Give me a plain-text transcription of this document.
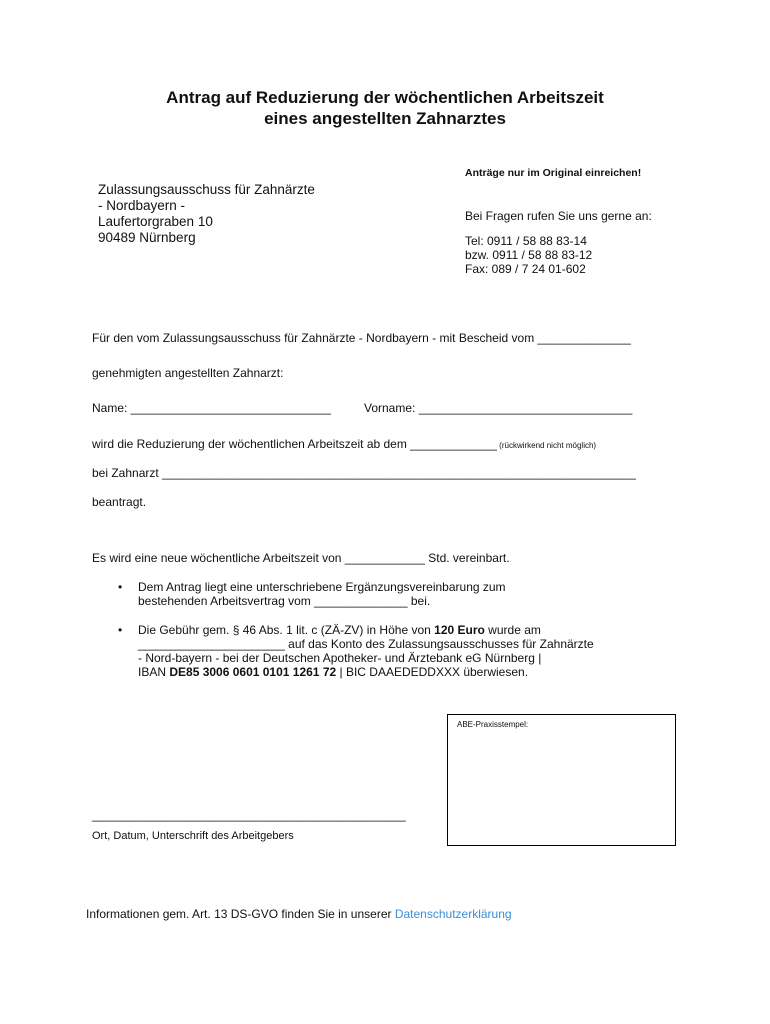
Antrag auf Reduzierung der wöchentlichen Arbeitszeit
eines angestellten Zahnarztes
Zulassungsausschuss für Zahnärzte
- Nordbayern -
Laufertorgraben 10
90489 Nürnberg
Anträge nur im Original einreichen!
Bei Fragen rufen Sie uns gerne an:
Tel: 0911 / 58 88 83-14
bzw. 0911 / 58 88 83-12
Fax: 089 / 7 24 01-602
Für den vom Zulassungsausschuss für Zahnärzte - Nordbayern - mit Bescheid vom ______________
genehmigten angestellten Zahnarzt:
Name: ______________________________	Vorname: ________________________________
wird die Reduzierung der wöchentlichen Arbeitszeit ab dem _____________ (rückwirkend nicht möglich)
bei Zahnarzt _______________________________________________________________________
beantragt.
Es wird eine neue wöchentliche Arbeitszeit von ____________ Std. vereinbart.
• Dem Antrag liegt eine unterschriebene Ergänzungsvereinbarung zum
bestehenden Arbeitsvertrag vom ______________ bei.
• Die Gebühr gem. § 46 Abs. 1 lit. c (ZÄ-ZV) in Höhe von 120 Euro wurde am
______________________ auf das Konto des Zulassungsausschusses für Zahnärzte
- Nord-bayern - bei der Deutschen Apotheker- und Ärztebank eG Nürnberg |
IBAN DE85 3006 0601 0101 1261 72 | BIC DAAEDEDDXXX überwiesen.
ABE-Praxisstempel:
_______________________________________________
Ort, Datum, Unterschrift des Arbeitgebers
Informationen gem. Art. 13 DS-GVO finden Sie in unserer Datenschutzerklärung
